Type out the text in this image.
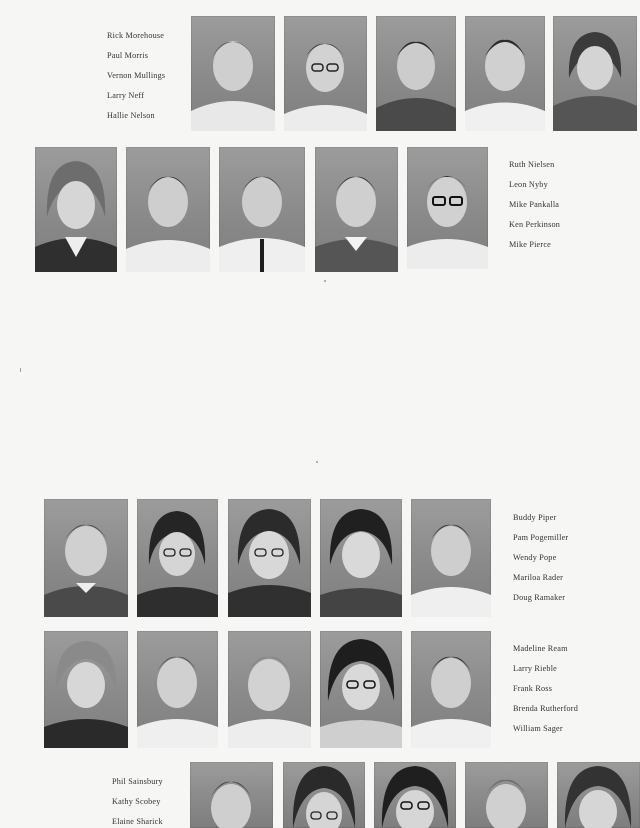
Rick Morehouse
Paul Morris
Vernon Mullings
Larry Neff
Hallie Nelson
Ruth Nielsen
Leon Nyby
Mike Pankalla
Ken Perkinson
Mike Pierce
Buddy Piper
Pam Pogemiller
Wendy Pope
Mariloa Rader
Doug Ramaker
Madeline Ream
Larry Rieble
Frank Ross
Brenda Rutherford
William Sager
Phil Sainsbury
Kathy Scobey
Elaine Sharick
